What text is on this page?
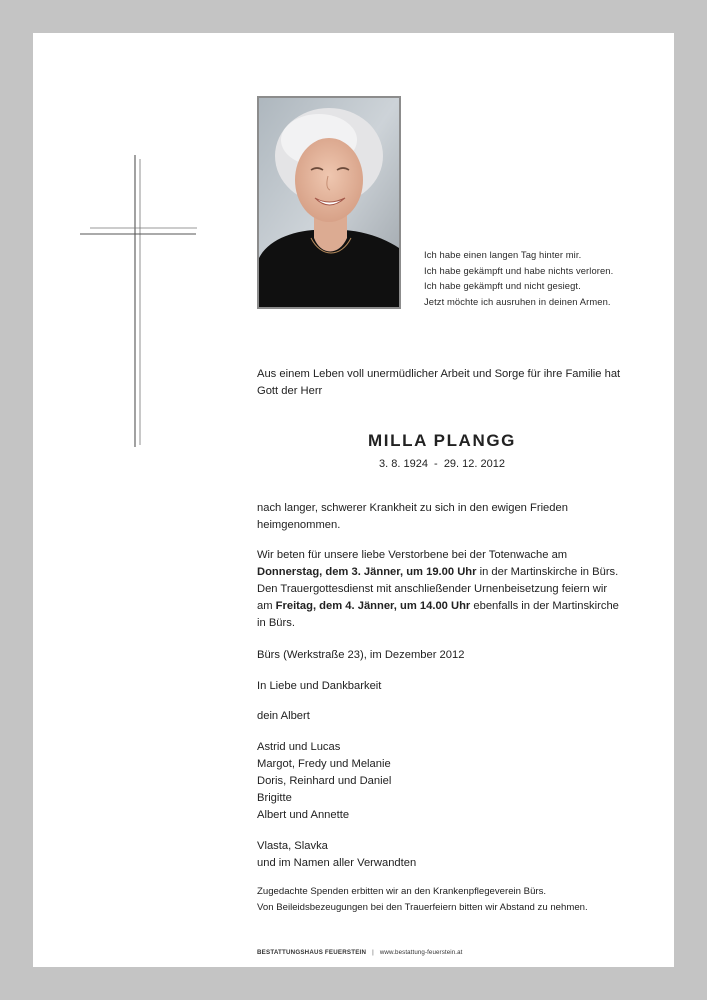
Ich habe einen langen Tag hinter mir.
Ich habe gekämpft und habe nichts verloren.
Ich habe gekämpft und nicht gesiegt.
Jetzt möchte ich ausruhen in deinen Armen.
Aus einem Leben voll unermüdlicher Arbeit und Sorge für ihre Familie hat
Gott der Herr
MILLA PLANGG
3. 8. 1924  -  29. 12. 2012
nach langer, schwerer Krankheit zu sich in den ewigen Frieden
heimgenommen.
Wir beten für unsere liebe Verstorbene bei der Totenwache am
Donnerstag, dem 3. Jänner, um 19.00 Uhr in der Martinskirche in Bürs.
Den Trauergottesdienst mit anschließender Urnenbeisetzung feiern wir
am Freitag, dem 4. Jänner, um 14.00 Uhr ebenfalls in der Martinskirche
in Bürs.
Bürs (Werkstraße 23), im Dezember 2012
In Liebe und Dankbarkeit
dein Albert
Astrid und Lucas
Margot, Fredy und Melanie
Doris, Reinhard und Daniel
Brigitte
Albert und Annette
Vlasta, Slavka
und im Namen aller Verwandten
Zugedachte Spenden erbitten wir an den Krankenpflegeverein Bürs.
Von Beileidsbezeugungen bei den Trauerfeiern bitten wir Abstand zu nehmen.
BESTATTUNGSHAUS FEUERSTEIN | www.bestattung-feuerstein.at
